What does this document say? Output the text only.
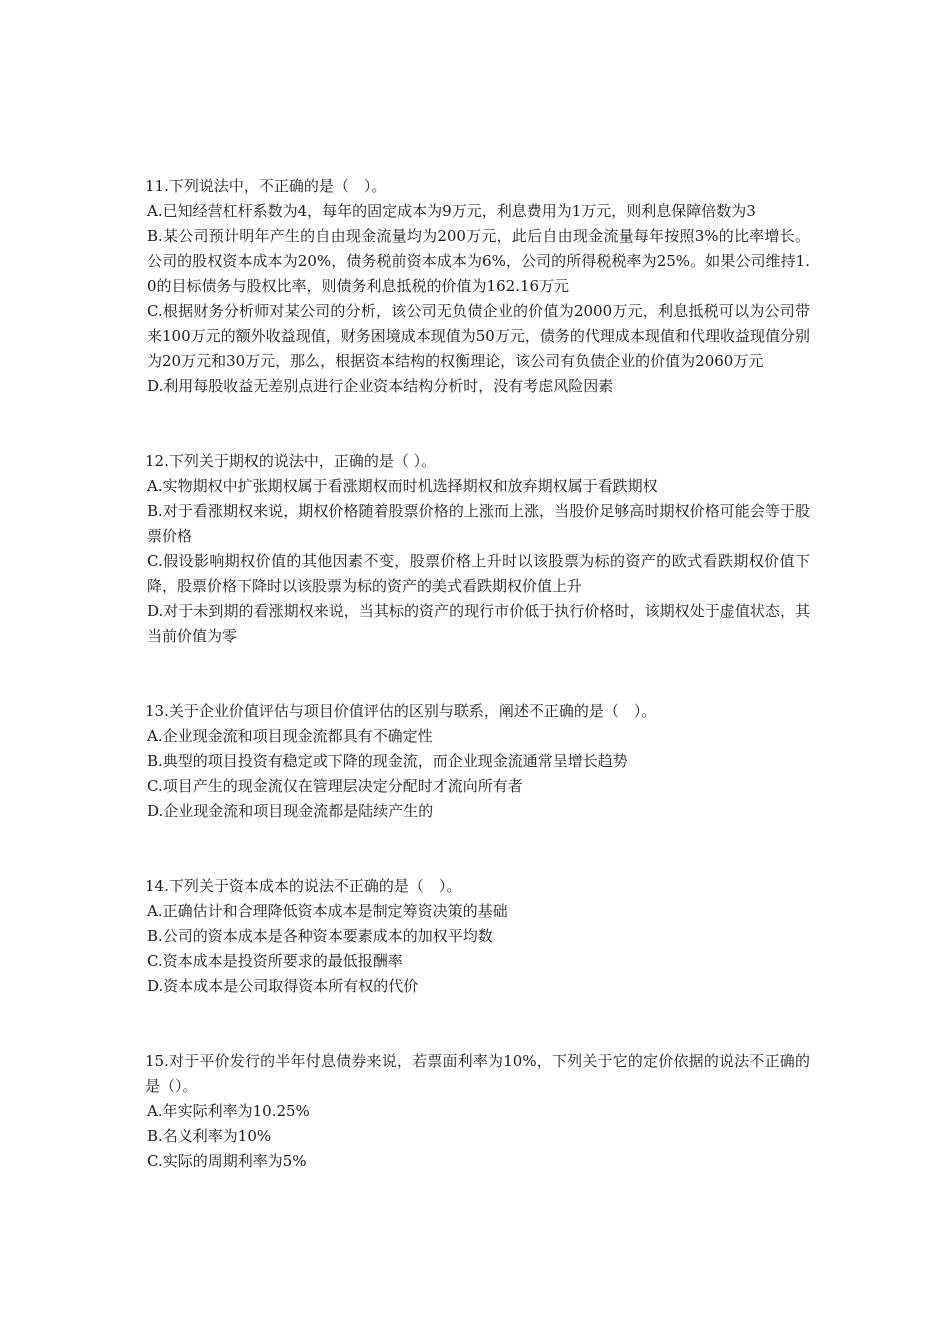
11.下列说法中，不正确的是（　）。

A.已知经营杠杆系数为4，每年的固定成本为9万元，利息费用为1万元，则利息保障倍数为3

B.某公司预计明年产生的自由现金流量均为200万元，此后自由现金流量每年按照3%的比率增长。公司的股权资本成本为20%，债务税前资本成本为6%，公司的所得税税率为25%。如果公司维持1.0的目标债务与股权比率，则债务利息抵税的价值为162.16万元

C.根据财务分析师对某公司的分析，该公司无负债企业的价值为2000万元，利息抵税可以为公司带来100万元的额外收益现值，财务困境成本现值为50万元，债务的代理成本现值和代理收益现值分别为20万元和30万元，那么，根据资本结构的权衡理论，该公司有负债企业的价值为2060万元

D.利用每股收益无差别点进行企业资本结构分析时，没有考虑风险因素

12.下列关于期权的说法中，正确的是（ ）。

A.实物期权中扩张期权属于看涨期权而时机选择期权和放弃期权属于看跌期权

B.对于看涨期权来说，期权价格随着股票价格的上涨而上涨，当股价足够高时期权价格可能会等于股票价格

C.假设影响期权价值的其他因素不变，股票价格上升时以该股票为标的资产的欧式看跌期权价值下降，股票价格下降时以该股票为标的资产的美式看跌期权价值上升

D.对于未到期的看涨期权来说，当其标的资产的现行市价低于执行价格时，该期权处于虚值状态，其当前价值为零

13.关于企业价值评估与项目价值评估的区别与联系，阐述不正确的是（　）。

A.企业现金流和项目现金流都具有不确定性

B.典型的项目投资有稳定或下降的现金流，而企业现金流通常呈增长趋势

C.项目产生的现金流仅在管理层决定分配时才流向所有者

D.企业现金流和项目现金流都是陆续产生的

14.下列关于资本成本的说法不正确的是（　）。

A.正确估计和合理降低资本成本是制定筹资决策的基础

B.公司的资本成本是各种资本要素成本的加权平均数

C.资本成本是投资所要求的最低报酬率

D.资本成本是公司取得资本所有权的代价

15.对于平价发行的半年付息债券来说，若票面利率为10%，下列关于它的定价依据的说法不正确的是（）。

A.年实际利率为10.25%

B.名义利率为10%

C.实际的周期利率为5%
